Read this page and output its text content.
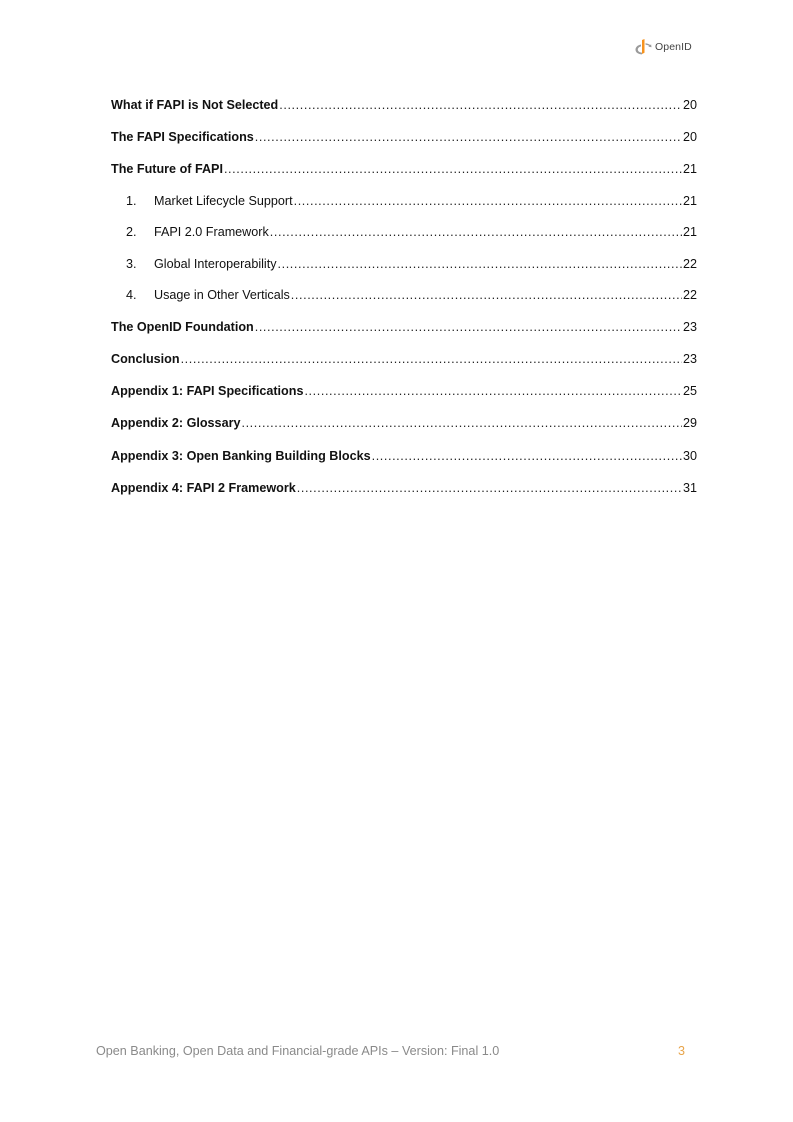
OpenID
What if FAPI is Not Selected .....	20
The FAPI Specifications .....	20
The Future of FAPI .....	21
1.	Market Lifecycle Support .....	21
2.	FAPI 2.0 Framework .....	21
3.	Global Interoperability .....	22
4.	Usage in Other Verticals .....	22
The OpenID Foundation .....	23
Conclusion .....	23
Appendix 1: FAPI Specifications .....	25
Appendix 2: Glossary .....	29
Appendix 3: Open Banking Building Blocks .....	30
Appendix 4: FAPI 2 Framework .....	31
Open Banking, Open Data and Financial-grade APIs – Version: Final 1.0	3
